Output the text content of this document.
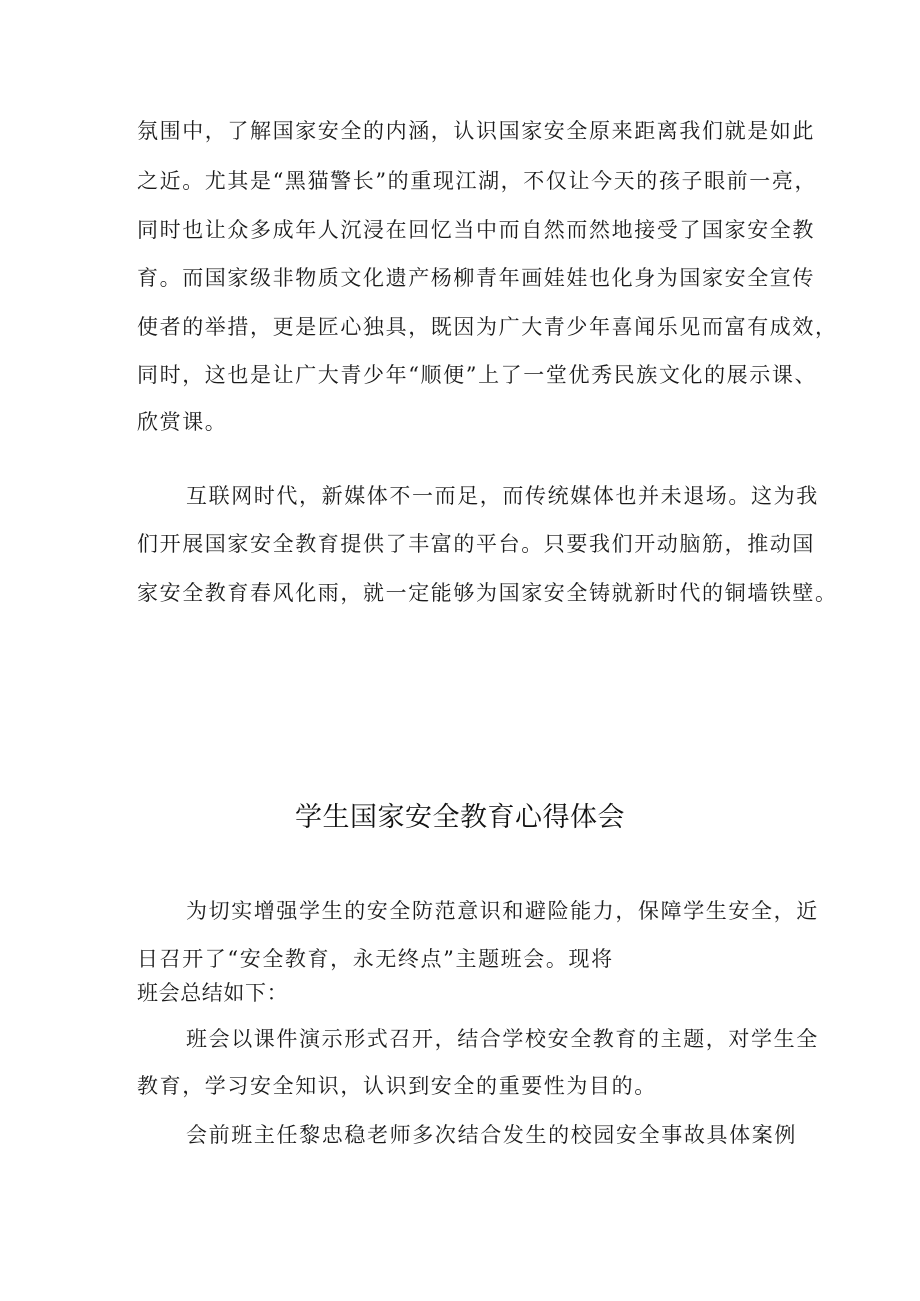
氛围中，了解国家安全的内涵，认识国家安全原来距离我们就是如此
之近。尤其是“黑猫警长”的重现江湖，不仅让今天的孩子眼前一亮，
同时也让众多成年人沉浸在回忆当中而自然而然地接受了国家安全教
育。而国家级非物质文化遗产杨柳青年画娃娃也化身为国家安全宣传
使者的举措，更是匠心独具，既因为广大青少年喜闻乐见而富有成效，
同时，这也是让广大青少年“顺便”上了一堂优秀民族文化的展示课、
欣赏课。
互联网时代，新媒体不一而足，而传统媒体也并未退场。这为我
们开展国家安全教育提供了丰富的平台。只要我们开动脑筋，推动国
家安全教育春风化雨，就一定能够为国家安全铸就新时代的铜墙铁壁。
学生国家安全教育心得体会
为切实增强学生的安全防范意识和避险能力，保障学生安全，近
日召开了“安全教育，永无终点”主题班会。现将
班会总结如下：
班会以课件演示形式召开，结合学校安全教育的主题，对学生全
教育，学习安全知识，认识到安全的重要性为目的。
会前班主任黎忠稳老师多次结合发生的校园安全事故具体案例
